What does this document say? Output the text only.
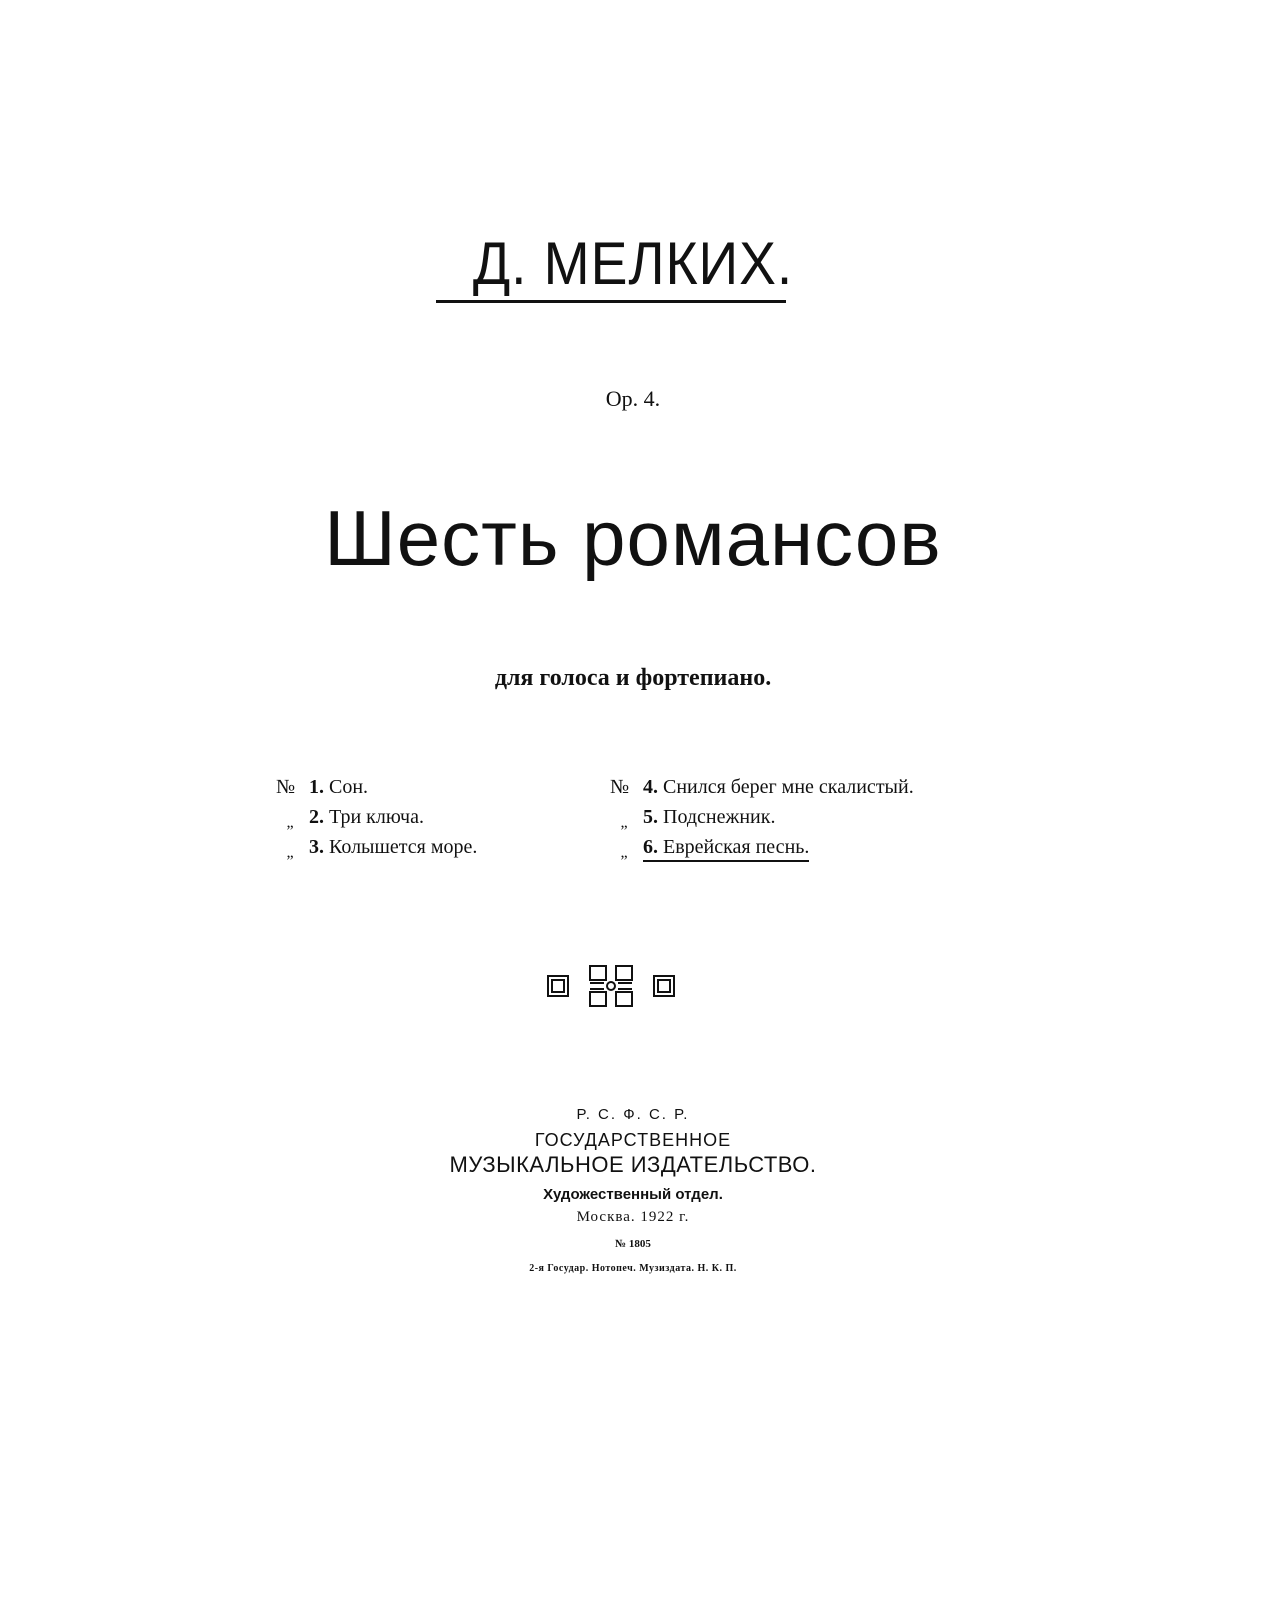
Д. МЕЛКИХ.
Ор. 4.
Шесть романсов
для голоса и фортепиано.
№ 1. Сон.
„ 2. Три ключа.
„ 3. Колышется море.
№ 4. Снился берег мне скалистый.
„ 5. Подснежник.
„ 6. Еврейская песнь.
Р. С. Ф. С. Р.
ГОСУДАРСТВЕННОЕ
МУЗЫКАЛЬНОЕ ИЗДАТЕЛЬСТВО.
Художественный отдел.
Москва. 1922 г.
№ 1805
2-я Государ. Нотопеч. Музиздата. Н. К. П.
